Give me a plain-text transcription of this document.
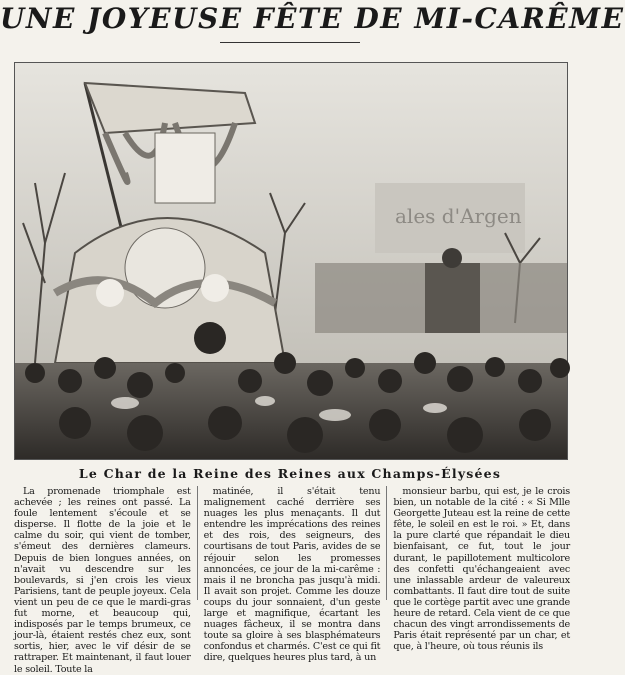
UNE JOYEUSE FÊTE DE MI-CARÊME
ales d'Argen
Le Char de la Reine des Reines aux Champs-Élysées

La promenade triomphale est achevée ; les reines ont passé. La foule lentement s'écoule et se disperse. Il flotte de la joie et le calme du soir, qui vient de tomber, s'émeut des dernières clameurs. Depuis de bien longues années, on n'avait vu descendre sur les boulevards, si j'en crois les vieux Parisiens, tant de peuple joyeux. Cela vient un peu de ce que le mardi-gras fut morne, et beaucoup qui, indisposés par le temps brumeux, ce jour-là, étaient restés chez eux, sont sortis, hier, avec le vif désir de se rattraper. Et maintenant, il faut louer le soleil. Toute la

matinée, il s'était tenu malignement caché derrière ses nuages les plus menaçants. Il dut entendre les imprécations des reines et des rois, des seigneurs, des courtisans de tout Paris, avides de se réjouir selon les promesses annoncées, ce jour de la mi-carême : mais il ne broncha pas jusqu'à midi. Il avait son projet. Comme les douze coups du jour sonnaient, d'un geste large et magnifique, écartant les nuages fâcheux, il se montra dans toute sa gloire à ses blasphémateurs confondus et charmés. C'est ce qui fit dire, quelques heures plus tard, à un

monsieur barbu, qui est, je le crois bien, un notable de la cité : « Si Mlle Georgette Juteau est la reine de cette fête, le soleil en est le roi. » Et, dans la pure clarté que répandait le dieu bienfaisant, ce fut, tout le jour durant, le papillotement multicolore des confetti qu'échangeaient avec une inlassable ardeur de valeureux combattants. Il faut dire tout de suite que le cortège partit avec une grande heure de retard. Cela vient de ce que chacun des vingt arrondissements de Paris était représenté par un char, et que, à l'heure, où tous réunis ils
